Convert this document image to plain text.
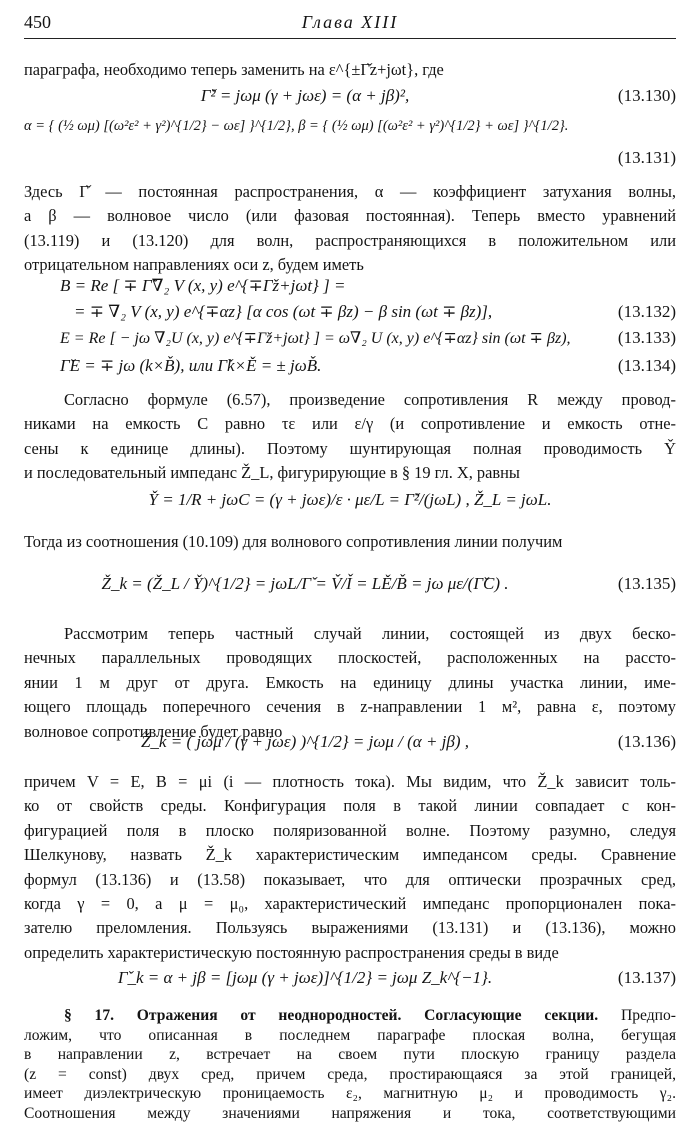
450	Глава XIII

параграфа, необходимо теперь заменить на ε^{±Γ̌z+jωt}, где

Γ̌² = jωμ (γ + jωε) = (α + jβ)²,	(13.130)
α = { (½ ωμ) [(ω²ε² + γ²)^{1/2} − ωε] }^{1/2}, β = { (½ ωμ) [(ω²ε² + γ²)^{1/2} + ωε] }^{1/2}.
(13.131)

Здесь Γ̌ — постоянная распространения, α — коэффициент затухания волны,
а β — волновое число (или фазовая постоянная). Теперь вместо уравнений
(13.119) и (13.120) для волн, распространяющихся в положительном или
отрицательном направлениях оси z, будем иметь

B = Re [ ∓ Γ̌∇₂ V (x, y) e^{∓Γ̌z+jωt} ] =
= ∓ ∇₂ V (x, y) e^{∓αz} [α cos (ωt ∓ βz) − β sin (ωt ∓ βz)],	(13.132)
E = Re [ − jω ∇₂U (x, y) e^{∓Γ̌z+jωt} ] = ω∇₂ U (x, y) e^{∓αz} sin (ωt ∓ βz),	(13.133)
Γ̌E = ∓ jω (k×B̌), или Γ̌k×Ě = ± jωB̌.	(13.134)

Согласно формуле (6.57), произведение сопротивления R между провод-
никами на емкость C равно τε или ε/γ (и сопротивление и емкость отне-
сены к единице длины). Поэтому шунтирующая полная проводимость Y̌
и последовательный импеданс Ž_L, фигурирующие в § 19 гл. X, равны

Y̌ = 1/R + jωC = (γ + jωε)/ε · με/L = Γ̌²/(jωL) , Ž_L = jωL.

Тогда из соотношения (10.109) для волнового сопротивления линии получим

Ž_k = (Ž_L / Y̌)^{1/2} = jωL/Γ̌ = V̌/Ǐ = LĚ/B̌ = jω με/(Γ̌C) .	(13.135)

Рассмотрим теперь частный случай линии, состоящей из двух беско-
нечных параллельных проводящих плоскостей, расположенных на рассто-
янии 1 м друг от друга. Емкость на единицу длины участка линии, име-
ющего площадь поперечного сечения в z-направлении 1 м², равна ε, поэтому
волновое сопротивление будет равно

Ž_k = ( jωμ / (γ + jωε) )^{1/2} = jωμ / (α + jβ) ,	(13.136)

причем V = E, B = μi (i — плотность тока). Мы видим, что Ž_k зависит толь-
ко от свойств среды. Конфигурация поля в такой линии совпадает с кон-
фигурацией поля в плоско поляризованной волне. Поэтому разумно, следуя
Шелкунову, назвать Ž_k характеристическим импедансом среды. Сравнение
формул (13.136) и (13.58) показывает, что для оптически прозрачных сред,
когда γ = 0, а μ = μ₀, характеристический импеданс пропорционален пока-
зателю преломления. Пользуясь выражениями (13.131) и (13.136), можно
определить характеристическую постоянную распространения среды в виде

Γ̌_k = α + jβ = [jωμ (γ + jωε)]^{1/2} = jωμ Z_k^{−1}.	(13.137)

§ 17. Отражения от неоднородностей. Согласующие секции. Предпо-
ложим, что описанная в последнем параграфе плоская волна, бегущая
в направлении z, встречает на своем пути плоскую границу раздела
(z = const) двух сред, причем среда, простирающаяся за этой границей,
имеет диэлектрическую проницаемость ε₂, магнитную μ₂ и проводимость γ₂.

Соотношения между значениями напряжения и тока, соответствующими
